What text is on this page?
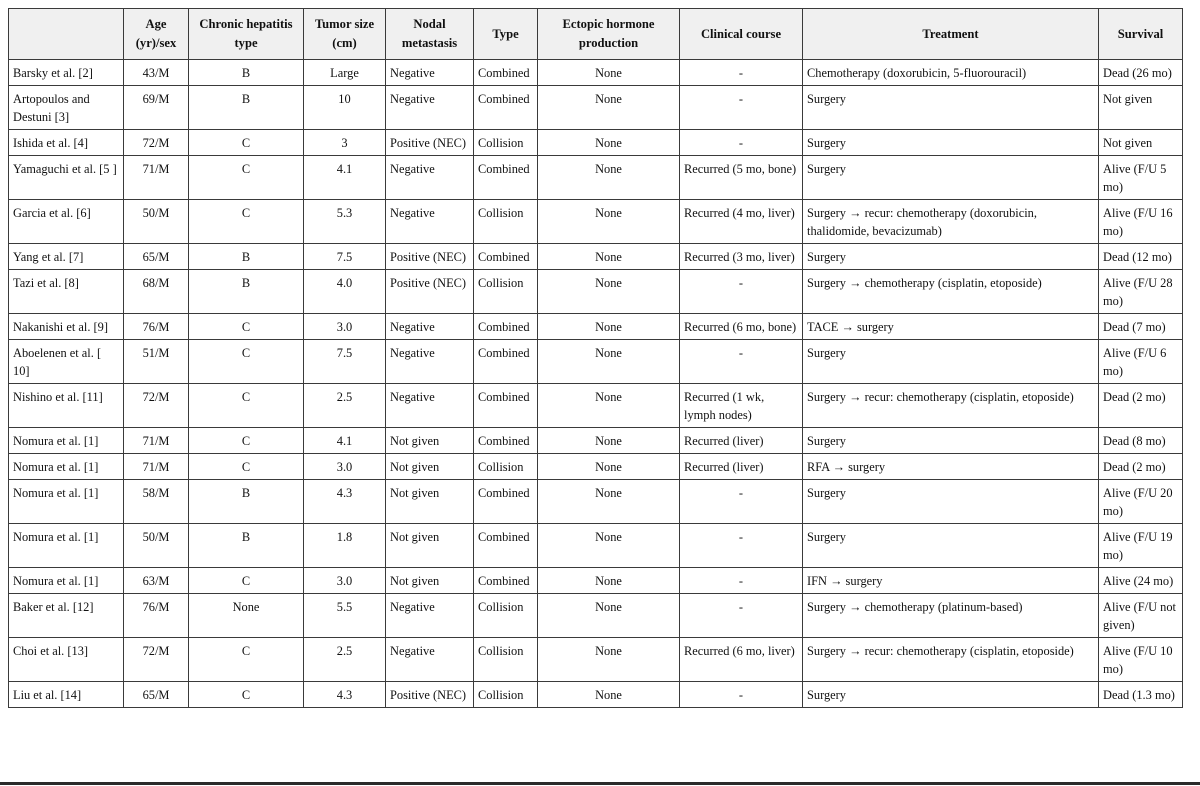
	Age (yr)/sex	Chronic hepatitis type	Tumor size (cm)	Nodal metastasis	Type	Ectopic hormone production	Clinical course	Treatment	Survival
Barsky et al. [2]	43/M	B	Large	Negative	Combined	None	-	Chemotherapy (doxorubicin, 5-fluorouracil)	Dead (26 mo)
Artopoulos and Destuni [3]	69/M	B	10	Negative	Combined	None	-	Surgery	Not given
Ishida et al. [4]	72/M	C	3	Positive (NEC)	Collision	None	-	Surgery	Not given
Yamaguchi et al. [5 ]	71/M	C	4.1	Negative	Combined	None	Recurred (5 mo, bone)	Surgery	Alive (F/U 5 mo)
Garcia et al. [6]	50/M	C	5.3	Negative	Collision	None	Recurred (4 mo, liver)	Surgery → recur: chemotherapy (doxorubicin, thalidomide, bevacizumab)	Alive (F/U 16 mo)
Yang et al. [7]	65/M	B	7.5	Positive (NEC)	Combined	None	Recurred (3 mo, liver)	Surgery	Dead (12 mo)
Tazi et al. [8]	68/M	B	4.0	Positive (NEC)	Collision	None	-	Surgery → chemotherapy (cisplatin, etoposide)	Alive (F/U 28 mo)
Nakanishi et al. [9]	76/M	C	3.0	Negative	Combined	None	Recurred (6 mo, bone)	TACE → surgery	Dead (7 mo)
Aboelenen et al. [ 10]	51/M	C	7.5	Negative	Combined	None	-	Surgery	Alive (F/U 6 mo)
Nishino et al. [11]	72/M	C	2.5	Negative	Combined	None	Recurred (1 wk, lymph nodes)	Surgery → recur: chemotherapy (cisplatin, etoposide)	Dead (2 mo)
Nomura et al. [1]	71/M	C	4.1	Not given	Combined	None	Recurred (liver)	Surgery	Dead (8 mo)
Nomura et al. [1]	71/M	C	3.0	Not given	Collision	None	Recurred (liver)	RFA → surgery	Dead (2 mo)
Nomura et al. [1]	58/M	B	4.3	Not given	Combined	None	-	Surgery	Alive (F/U 20 mo)
Nomura et al. [1]	50/M	B	1.8	Not given	Combined	None	-	Surgery	Alive (F/U 19 mo)
Nomura et al. [1]	63/M	C	3.0	Not given	Combined	None	-	IFN → surgery	Alive (24 mo)
Baker et al. [12]	76/M	None	5.5	Negative	Collision	None	-	Surgery → chemotherapy (platinum-based)	Alive (F/U not given)
Choi et al. [13]	72/M	C	2.5	Negative	Collision	None	Recurred (6 mo, liver)	Surgery → recur: chemotherapy (cisplatin, etoposide)	Alive (F/U 10 mo)
Liu et al. [14]	65/M	C	4.3	Positive (NEC)	Collision	None	-	Surgery	Dead (1.3 mo)
